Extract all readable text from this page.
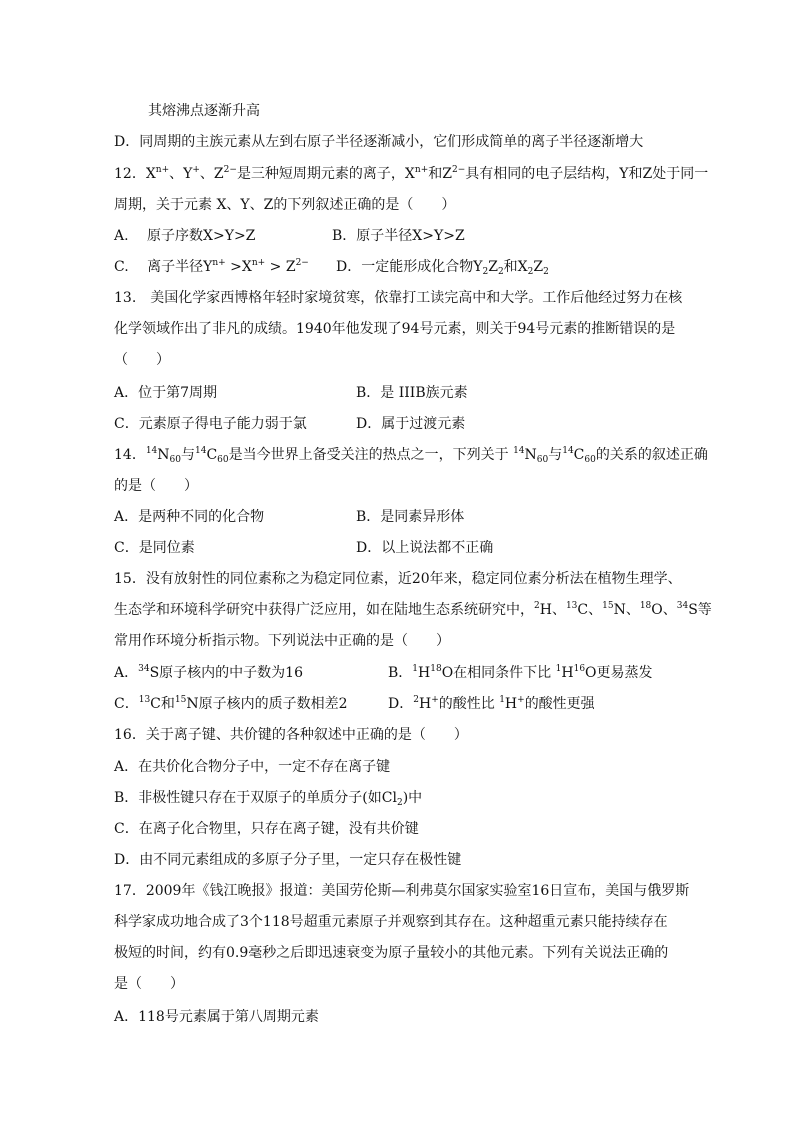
其熔沸点逐渐升高
D．同周期的主族元素从左到右原子半径逐渐减小，它们形成简单的离子半径逐渐增大
12．$X^{n+}$、Y+、$Z^{2-}$是三种短周期元素的离子，$X^{n+}$和$Z^{2-}$具有相同的电子层结构，Y和Z处于同一
周期，关于元素 X、Y、Z的下列叙述正确的是（　　）
A.　 原子序数X>Y>Z	B．原子半径X>Y>Z
C.　 离子半径$Y^{n+} >X^{n+} > Z^{2-}$ D．一定能形成化合物$Y_2Z_2$和$X_2Z_2$
13.　美国化学家西博格年轻时家境贫寒，依靠打工读完高中和大学。工作后他经过努力在核
化学领域作出了非凡的成绩。1940年他发现了94号元素，则关于94号元素的推断错误的是
（　　）
A．位于第7周期	B．是 IIIB族元素
C．元素原子得电子能力弱于氯	D．属于过渡元素
14．$^{14}N_{60}$与$^{14}C_{60}$是当今世界上备受关注的热点之一，下列关于 $^{14}N_{60}$与$^{14}C_{60}$的关系的叙述正确
的是（　　）
A．是两种不同的化合物	B．是同素异形体
C．是同位素	D．以上说法都不正确
15．没有放射性的同位素称之为稳定同位素，近20年来，稳定同位素分析法在植物生理学、
生态学和环境科学研究中获得广泛应用，如在陆地生态系统研究中，$^2$H、$^{13}$C、$^{15}$N、$^{18}$O、$^{34}$S等
常用作环境分析指示物。下列说法中正确的是（　　）
A．$^{34}$S原子核内的中子数为16	B．$^1H^{18}O$在相同条件下比 $^1H^{16}O$更易蒸发
C．$^{13}$C和$^{15}$N原子核内的质子数相差2	D．$^2$H+的酸性比 $^1$H+的酸性更强
16．关于离子键、共价键的各种叙述中正确的是（　　）
A．在共价化合物分子中，一定不存在离子键
B．非极性键只存在于双原子的单质分子(如$Cl_2$)中
C．在离子化合物里，只存在离子键，没有共价键
D．由不同元素组成的多原子分子里，一定只存在极性键
17．2009年《钱江晚报》报道：美国劳伦斯—利弗莫尔国家实验室16日宣布，美国与俄罗斯
科学家成功地合成了3个118号超重元素原子并观察到其存在。这种超重元素只能持续存在
极短的时间，约有0.9毫秒之后即迅速衰变为原子量较小的其他元素。下列有关说法正确的
是（　　）
A．118号元素属于第八周期元素
